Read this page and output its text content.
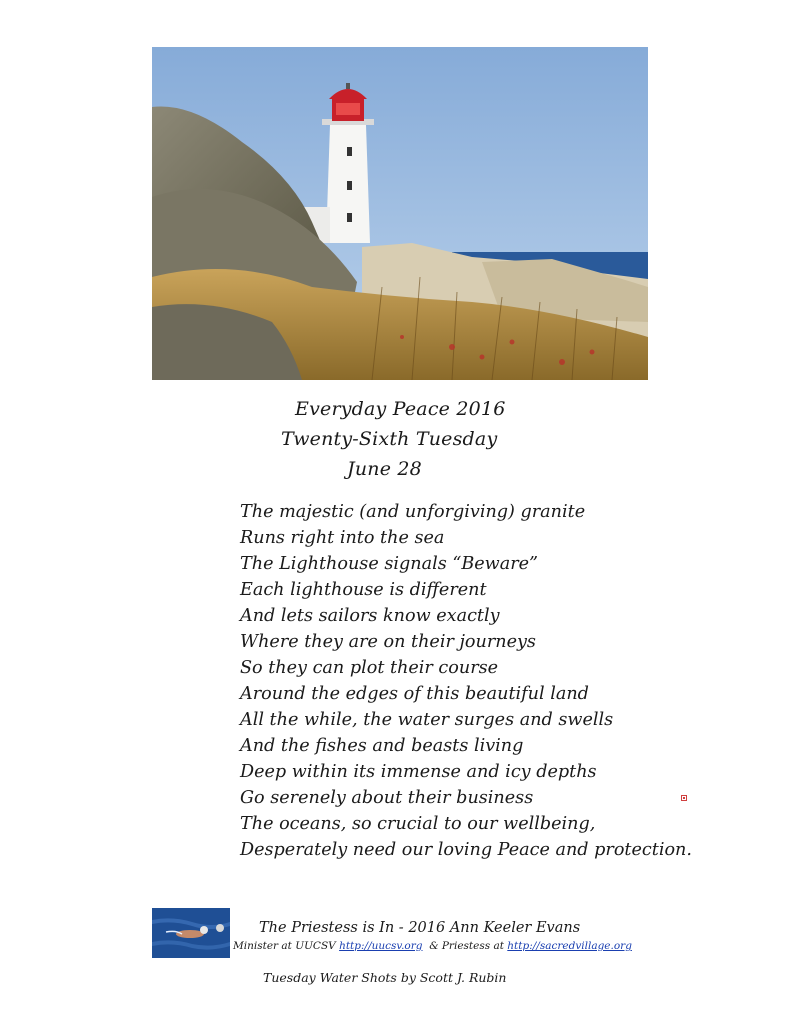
Everyday Peace 2016
Twenty-Sixth Tuesday
June 28
The majestic (and unforgiving) granite
Runs right into the sea
The Lighthouse signals “Beware”
Each lighthouse is different
And lets sailors know exactly
Where they are on their journeys
So they can plot their course
Around the edges of this beautiful land
All the while, the water surges and swells
And the fishes and beasts living
Deep within its immense and icy depths
Go serenely about their business
The oceans, so crucial to our wellbeing,
Desperately need our loving Peace and protection.
The Priestess is In - 2016 Ann Keeler Evans
Minister at UUCSV http://uucsv.org & Priestess at http://sacredvillage.org
Tuesday Water Shots by Scott J. Rubin
